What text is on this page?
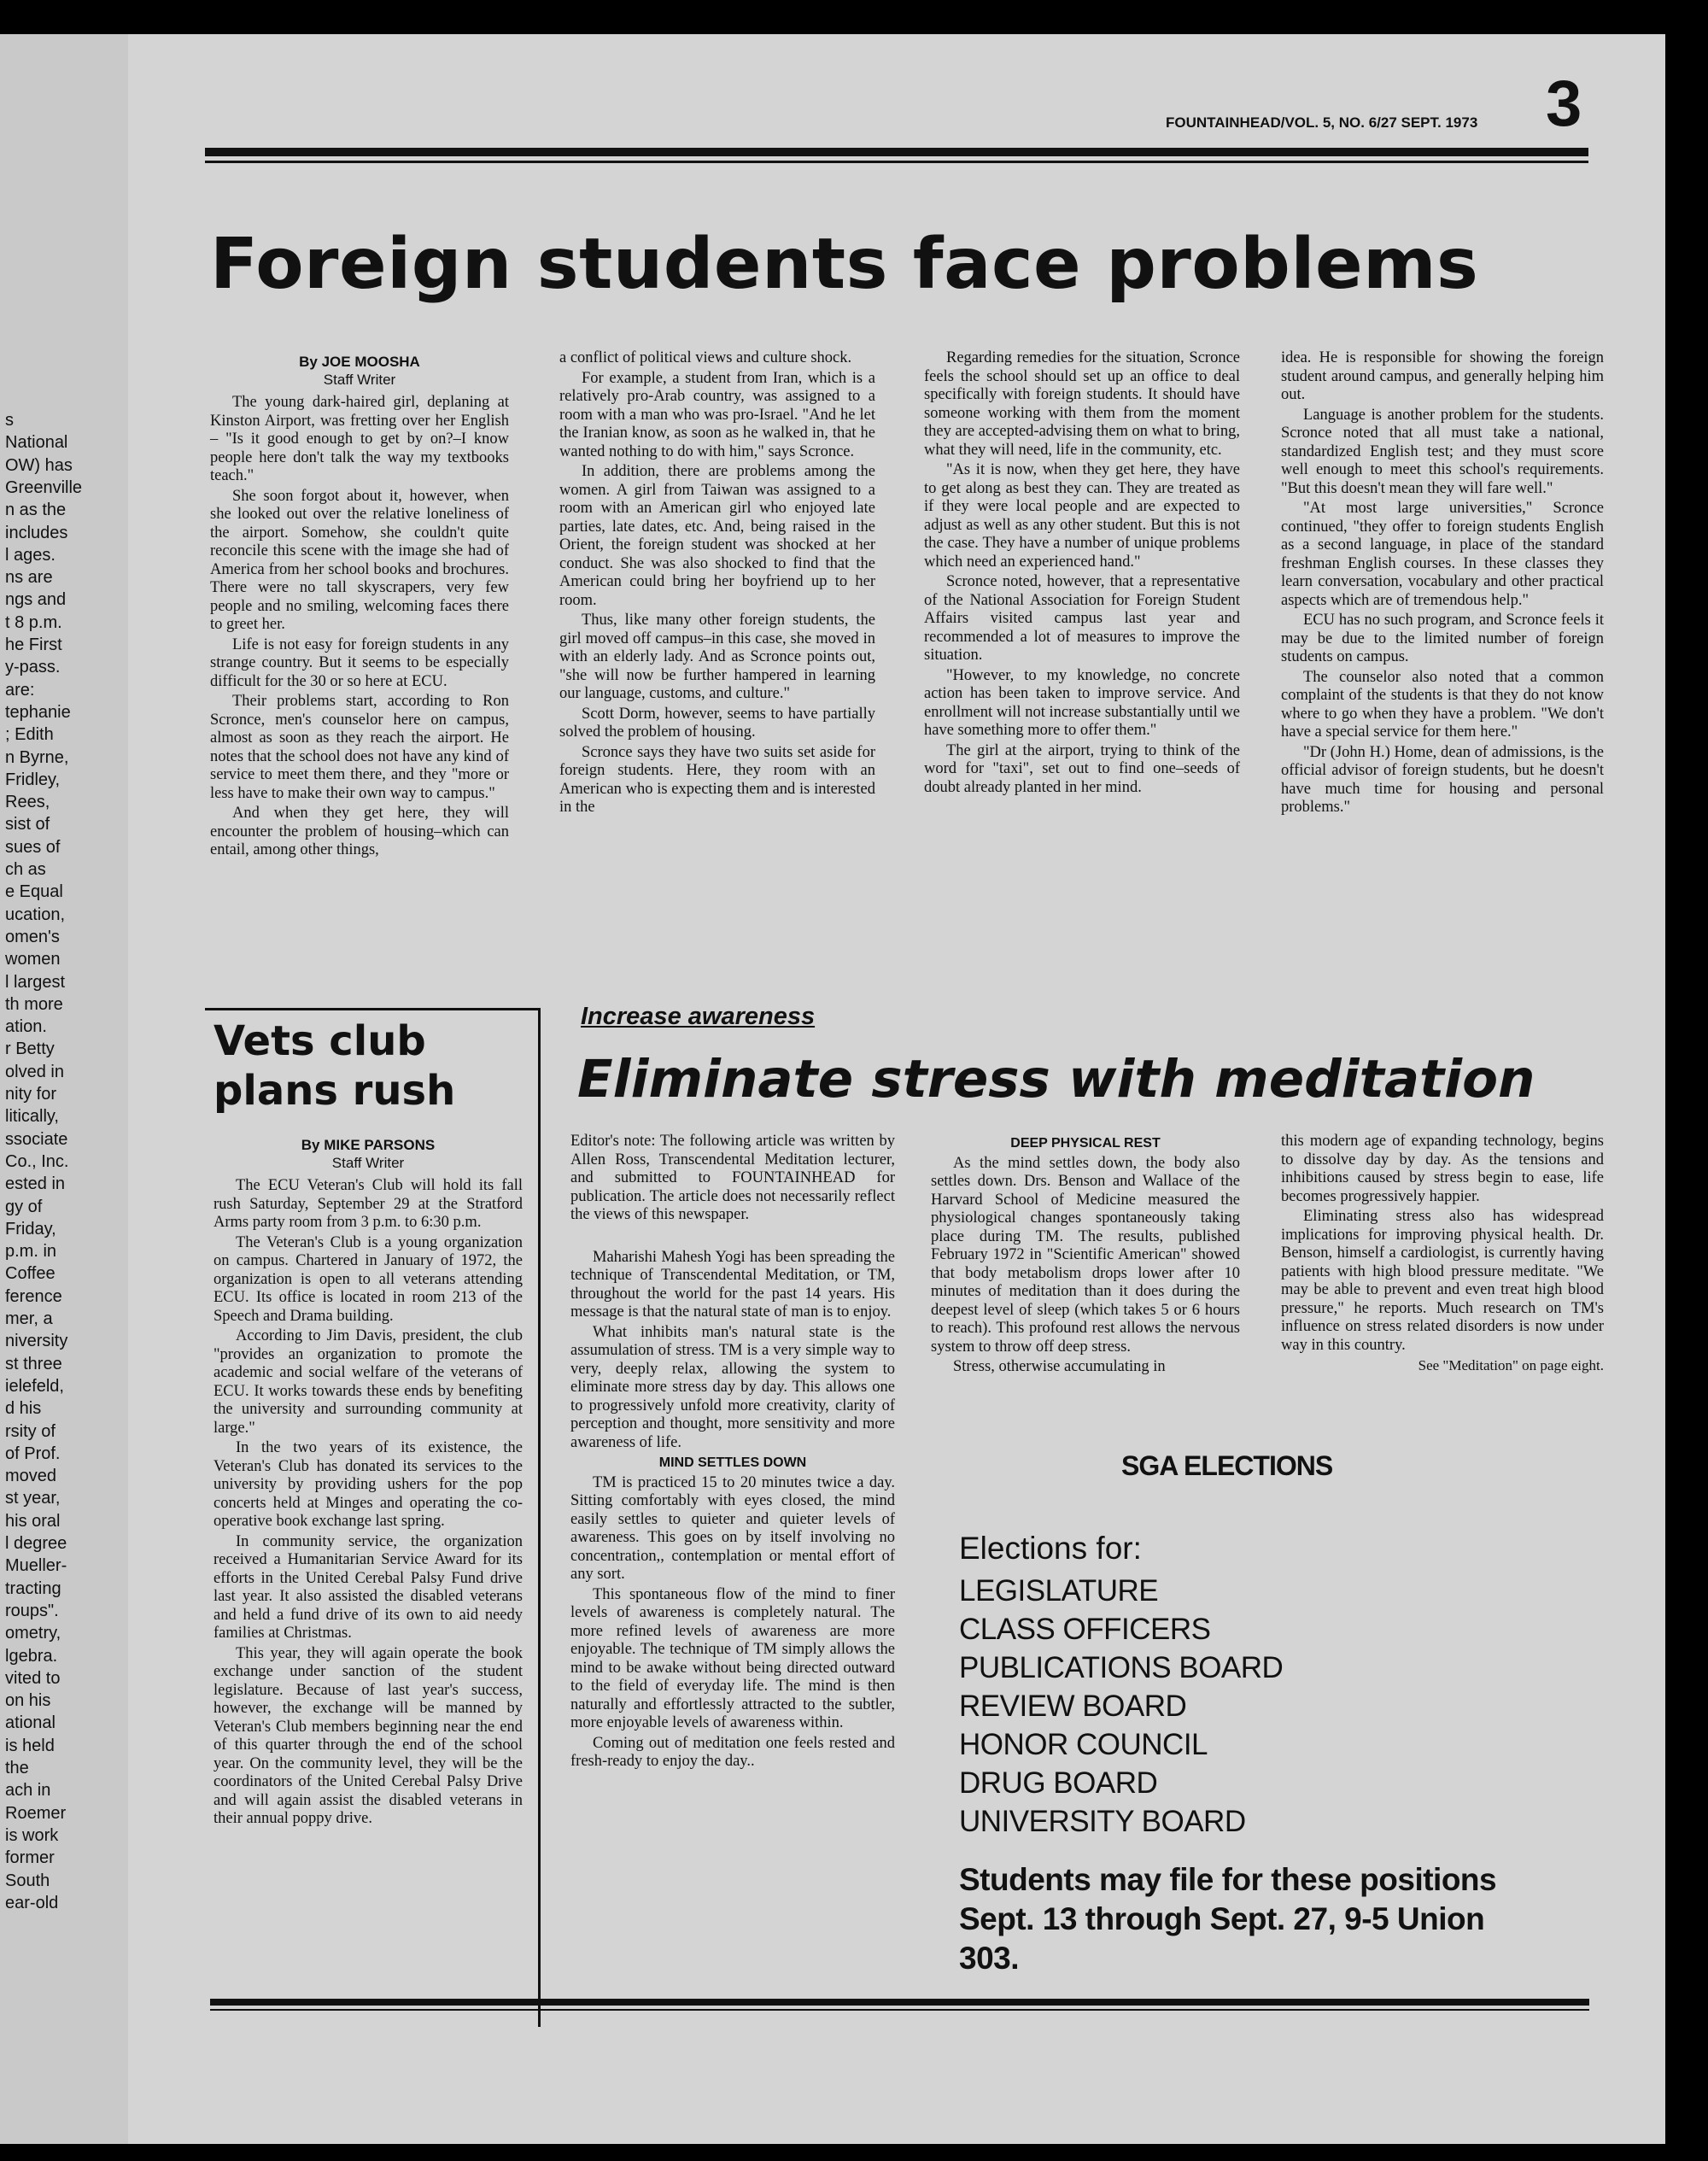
s
National
OW) has
Greenville
n as the
includes
l ages.
ns are
ngs and
t 8 p.m.
he First
y-pass.
are:
tephanie
; Edith
n Byrne,
Fridley,
Rees,
sist of
sues of
ch as
e Equal
ucation,
omen's
women
l largest
th more
ation.
r Betty
olved in
nity for
litically,
ssociate
Co., Inc.
ested in
gy of
Friday,
p.m. in
Coffee
ference
mer, a
niversity
st three
ielefeld,
d his
rsity of
of Prof.
moved
st year,
his oral
l degree
Mueller-
tracting
roups".
ometry,
lgebra.
vited to
on his
ational
is held
the
ach in
Roemer
is work
former
South
ear-old
FOUNTAINHEAD/VOL. 5, NO. 6/27 SEPT. 1973 3
Foreign students face problems
By JOE MOOSHA
Staff Writer

The young dark-haired girl, deplaning at Kinston Airport, was fretting over her English – "Is it good enough to get by on?–I know people here don't talk the way my textbooks teach."

She soon forgot about it, however, when she looked out over the relative loneliness of the airport. Somehow, she couldn't quite reconcile this scene with the image she had of America from her school books and brochures. There were no tall skyscrapers, very few people and no smiling, welcoming faces there to greet her.

Life is not easy for foreign students in any strange country. But it seems to be especially difficult for the 30 or so here at ECU.

Their problems start, according to Ron Scronce, men's counselor here on campus, almost as soon as they reach the airport. He notes that the school does not have any kind of service to meet them there, and they "more or less have to make their own way to campus."

And when they get here, they will encounter the problem of housing–which can entail, among other things,

a conflict of political views and culture shock.

For example, a student from Iran, which is a relatively pro-Arab country, was assigned to a room with a man who was pro-Israel. "And he let the Iranian know, as soon as he walked in, that he wanted nothing to do with him," says Scronce.

In addition, there are problems among the women. A girl from Taiwan was assigned to a room with an American girl who enjoyed late parties, late dates, etc. And, being raised in the Orient, the foreign student was shocked at her conduct. She was also shocked to find that the American could bring her boyfriend up to her room.

Thus, like many other foreign students, the girl moved off campus–in this case, she moved in with an elderly lady. And as Scronce points out, "she will now be further hampered in learning our language, customs, and culture."

Scott Dorm, however, seems to have partially solved the problem of housing.

Scronce says they have two suits set aside for foreign students. Here, they room with an American who is expecting them and is interested in the

Regarding remedies for the situation, Scronce feels the school should set up an office to deal specifically with foreign students. It should have someone working with them from the moment they are accepted-advising them on what to bring, what they will need, life in the community, etc.

"As it is now, when they get here, they have to get along as best they can. They are treated as if they were local people and are expected to adjust as well as any other student. But this is not the case. They have a number of unique problems which need an experienced hand."

Scronce noted, however, that a representative of the National Association for Foreign Student Affairs visited campus last year and recommended a lot of measures to improve the situation.

"However, to my knowledge, no concrete action has been taken to improve service. And enrollment will not increase substantially until we have something more to offer them."

The girl at the airport, trying to think of the word for "taxi", set out to find one–seeds of doubt already planted in her mind.

idea. He is responsible for showing the foreign student around campus, and generally helping him out.

Language is another problem for the students. Scronce noted that all must take a national, standardized English test; and they must score well enough to meet this school's requirements. "But this doesn't mean they will fare well."

"At most large universities," Scronce continued, "they offer to foreign students English as a second language, in place of the standard freshman English courses. In these classes they learn conversation, vocabulary and other practical aspects which are of tremendous help."

ECU has no such program, and Scronce feels it may be due to the limited number of foreign students on campus.

The counselor also noted that a common complaint of the students is that they do not know where to go when they have a problem. "We don't have a special service for them here."

"Dr (John H.) Home, dean of admissions, is the official advisor of foreign students, but he doesn't have much time for housing and personal problems."

Vets club
plans rush
By MIKE PARSONS
Staff Writer

The ECU Veteran's Club will hold its fall rush Saturday, September 29 at the Stratford Arms party room from 3 p.m. to 6:30 p.m.

The Veteran's Club is a young organization on campus. Chartered in January of 1972, the organization is open to all veterans attending ECU. Its office is located in room 213 of the Speech and Drama building.

According to Jim Davis, president, the club "provides an organization to promote the academic and social welfare of the veterans of ECU. It works towards these ends by benefiting the university and surrounding community at large."

In the two years of its existence, the Veteran's Club has donated its services to the university by providing ushers for the pop concerts held at Minges and operating the co-operative book exchange last spring.

In community service, the organization received a Humanitarian Service Award for its efforts in the United Cerebal Palsy Fund drive last year. It also assisted the disabled veterans and held a fund drive of its own to aid needy families at Christmas.

This year, they will again operate the book exchange under sanction of the student legislature. Because of last year's success, however, the exchange will be manned by Veteran's Club members beginning near the end of this quarter through the end of the school year. On the community level, they will be the coordinators of the United Cerebal Palsy Drive and will again assist the disabled veterans in their annual poppy drive.

Increase awareness
Eliminate stress with meditation

Editor's note: The following article was written by Allen Ross, Transcendental Meditation lecturer, and submitted to FOUNTAINHEAD for publication. The article does not necessarily reflect the views of this newspaper.

Maharishi Mahesh Yogi has been spreading the technique of Transcendental Meditation, or TM, throughout the world for the past 14 years. His message is that the natural state of man is to enjoy.

What inhibits man's natural state is the assumulation of stress. TM is a very simple way to very, deeply relax, allowing the system to eliminate more stress day by day. This allows one to progressively unfold more creativity, clarity of perception and thought, more sensitivity and more awareness of life.

MIND SETTLES DOWN

TM is practiced 15 to 20 minutes twice a day. Sitting comfortably with eyes closed, the mind easily settles to quieter and quieter levels of awareness. This goes on by itself involving no concentration,, contemplation or mental effort of any sort.

This spontaneous flow of the mind to finer levels of awareness is completely natural. The more refined levels of awareness are more enjoyable. The technique of TM simply allows the mind to be awake without being directed outward to the field of everyday life. The mind is then naturally and effortlessly attracted to the subtler, more enjoyable levels of awareness within.

Coming out of meditation one feels rested and fresh-ready to enjoy the day..

DEEP PHYSICAL REST

As the mind settles down, the body also settles down. Drs. Benson and Wallace of the Harvard School of Medicine measured the physiological changes spontaneously taking place during TM. The results, published February 1972 in "Scientific American" showed that body metabolism drops lower after 10 minutes of meditation than it does during the deepest level of sleep (which takes 5 or 6 hours to reach). This profound rest allows the nervous system to throw off deep stress.

Stress, otherwise accumulating in

this modern age of expanding technology, begins to dissolve day by day. As the tensions and inhibitions caused by stress begin to ease, life becomes progressively happier.

Eliminating stress also has widespread implications for improving physical health. Dr. Benson, himself a cardiologist, is currently having patients with high blood pressure meditate. "We may be able to prevent and even treat high blood pressure," he reports. Much research on TM's influence on stress related disorders is now under way in this country.

See "Meditation" on page eight.
SGA ELECTIONS
Elections for:
LEGISLATURE
CLASS OFFICERS
PUBLICATIONS BOARD
REVIEW BOARD
HONOR COUNCIL
DRUG BOARD
UNIVERSITY BOARD
Students may file for these positions
Sept. 13 through Sept. 27, 9-5 Union
303.
